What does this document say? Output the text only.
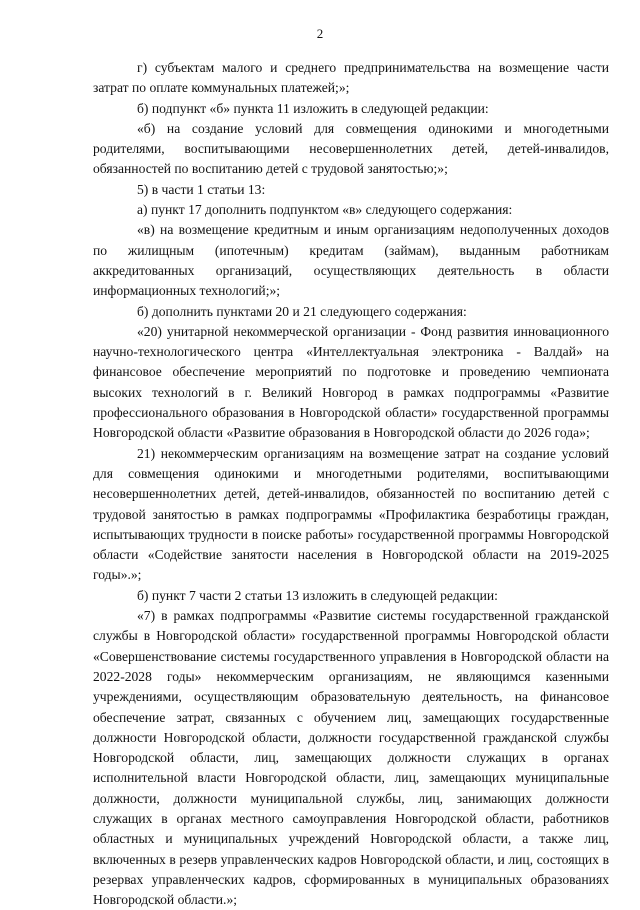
2

г) субъектам малого и среднего предпринимательства на возмещение части затрат по оплате коммунальных платежей;»;

б) подпункт «б» пункта 11 изложить в следующей редакции:

«б) на создание условий для совмещения одинокими и многодетными родителями, воспитывающими несовершеннолетних детей, детей-инвалидов, обязанностей по воспитанию детей с трудовой занятостью;»;

5) в части 1 статьи 13:

а) пункт 17 дополнить подпунктом «в» следующего содержания:

«в) на возмещение кредитным и иным организациям недополученных доходов по жилищным (ипотечным) кредитам (займам), выданным работникам аккредитованных организаций, осуществляющих деятельность в области информационных технологий;»;

б) дополнить пунктами 20 и 21 следующего содержания:

«20) унитарной некоммерческой организации - Фонд развития инновационного научно-технологического центра «Интеллектуальная электроника - Валдай» на финансовое обеспечение мероприятий по подготовке и проведению чемпионата высоких технологий в г. Великий Новгород в рамках подпрограммы «Развитие профессионального образования в Новгородской области» государственной программы Новгородской области «Развитие образования в Новгородской области до 2026 года»;

21) некоммерческим организациям на возмещение затрат на создание условий для совмещения одинокими и многодетными родителями, воспитывающими несовершеннолетних детей, детей-инвалидов, обязанностей по воспитанию детей с трудовой занятостью в рамках подпрограммы «Профилактика безработицы граждан, испытывающих трудности в поиске работы» государственной программы Новгородской области «Содействие занятости населения в Новгородской области на 2019-2025 годы».»;

б) пункт 7 части 2 статьи 13 изложить в следующей редакции:

«7) в рамках подпрограммы «Развитие системы государственной гражданской службы в Новгородской области» государственной программы Новгородской области «Совершенствование системы государственного управления в Новгородской области на 2022-2028 годы» некоммерческим организациям, не являющимся казенными учреждениями, осуществляющим образовательную деятельность, на финансовое обеспечение затрат, связанных с обучением лиц, замещающих государственные должности Новгородской области, должности государственной гражданской службы Новгородской области, лиц, замещающих должности служащих в органах исполнительной власти Новгородской области, лиц, замещающих муниципальные должности, должности муниципальной службы, лиц, занимающих должности служащих в органах местного самоуправления Новгородской области, работников областных и муниципальных учреждений Новгородской области, а также лиц, включенных в резерв управленческих кадров Новгородской области, и лиц, состоящих в резервах управленческих кадров, сформированных в муниципальных образованиях Новгородской области.»;
